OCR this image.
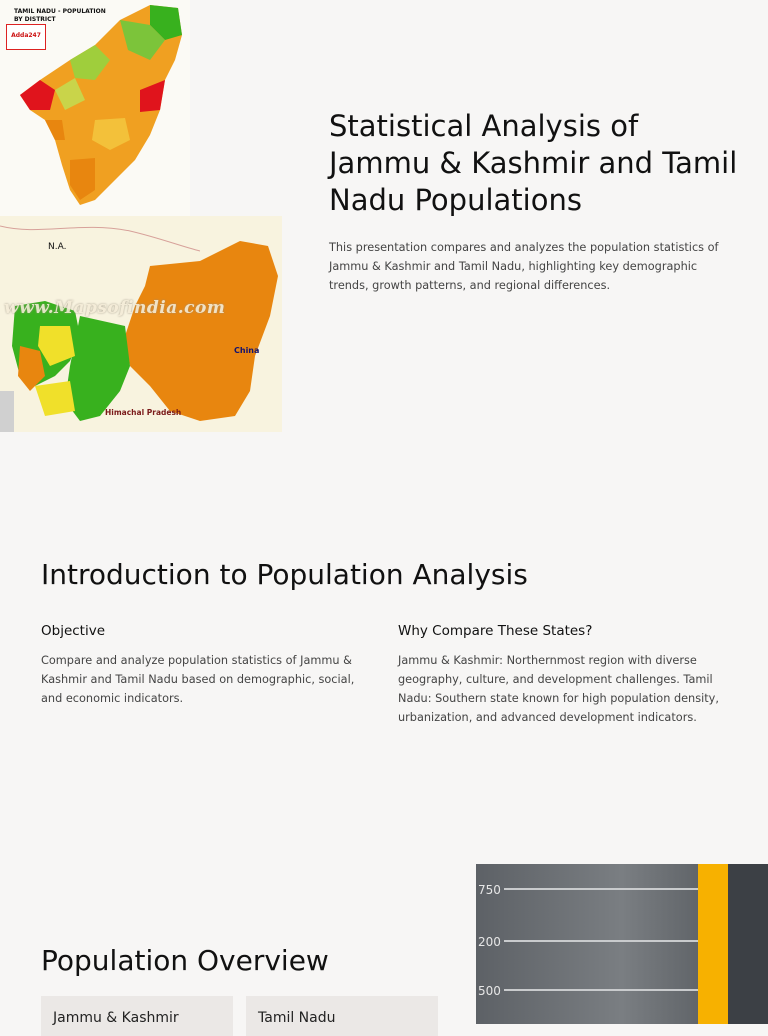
TAMIL NADU - POPULATION BY DISTRICT
Adda247
www.Mapsofindia.com
N.A.
China
Himachal Pradesh
Statistical Analysis of Jammu & Kashmir and Tamil Nadu Populations

This presentation compares and analyzes the population statistics of Jammu & Kashmir and Tamil Nadu, highlighting key demographic trends, growth patterns, and regional differences.

Introduction to Population Analysis
Objective

Compare and analyze population statistics of Jammu & Kashmir and Tamil Nadu based on demographic, social, and economic indicators.

Why Compare These States?

Jammu & Kashmir: Northernmost region with diverse geography, culture, and development challenges. Tamil Nadu: Southern state known for high population density, urbanization, and advanced development indicators.

Population Overview
Jammu & Kashmir	Tamil Nadu
750
200
500
